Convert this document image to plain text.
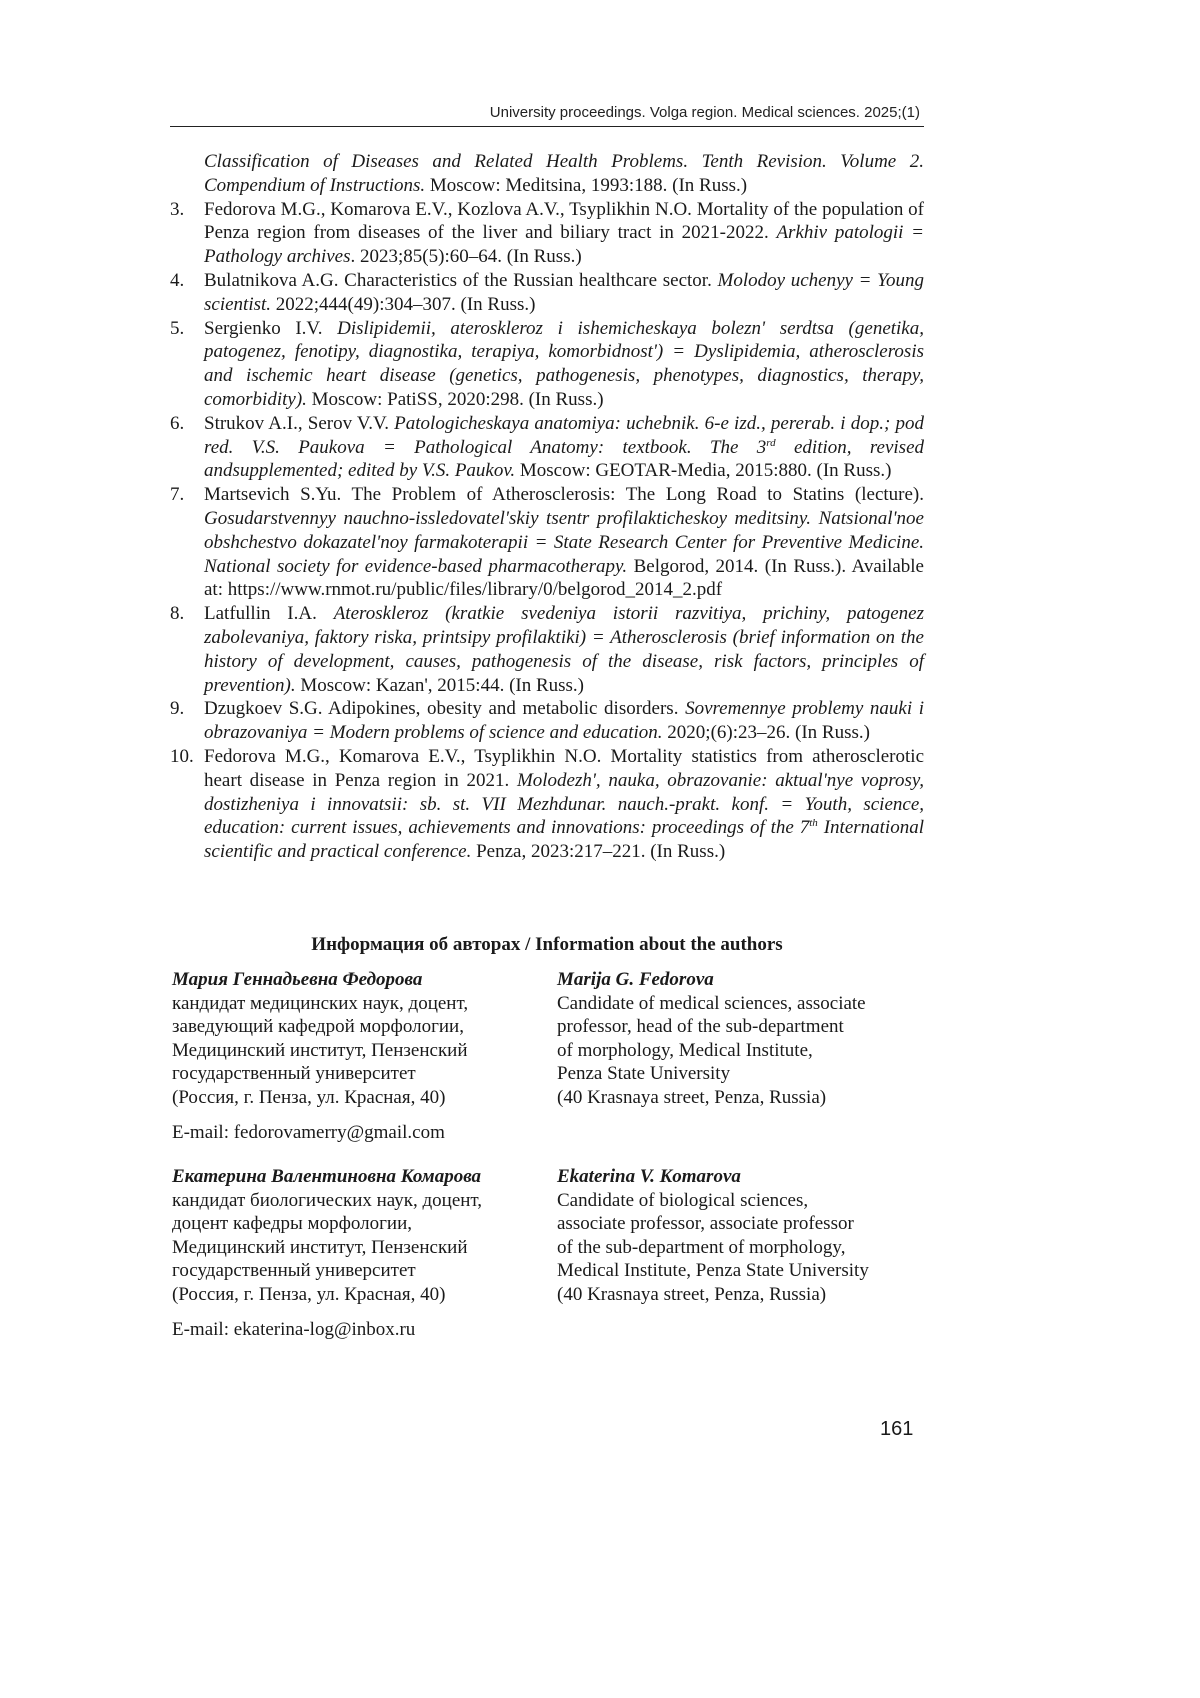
University proceedings. Volga region. Medical sciences. 2025;(1)
Classification of Diseases and Related Health Problems. Tenth Revision. Volume 2. Compendium of Instructions. Moscow: Meditsina, 1993:188. (In Russ.)
3.	Fedorova M.G., Komarova E.V., Kozlova A.V., Tsyplikhin N.O. Mortality of the population of Penza region from diseases of the liver and biliary tract in 2021-2022. Arkhiv patologii = Pathology archives. 2023;85(5):60–64. (In Russ.)
4.	Bulatnikova A.G. Characteristics of the Russian healthcare sector. Molodoy uchenyy = Young scientist. 2022;444(49):304–307. (In Russ.)
5.	Sergienko I.V. Dislipidemii, ateroskleroz i ishemicheskaya bolezn' serdtsa (genetika, patogenez, fenotipy, diagnostika, terapiya, komorbidnost') = Dyslipidemia, atherosclerosis and ischemic heart disease (genetics, pathogenesis, phenotypes, diagnostics, therapy, comorbidity). Moscow: PatiSS, 2020:298. (In Russ.)
6.	Strukov A.I., Serov V.V. Patologicheskaya anatomiya: uchebnik. 6-e izd., pererab. i dop.; pod red. V.S. Paukova = Pathological Anatomy: textbook. The 3rd edition, revised andsupplemented; edited by V.S. Paukov. Moscow: GEOTAR-Media, 2015:880. (In Russ.)
7.	Martsevich S.Yu. The Problem of Atherosclerosis: The Long Road to Statins (lecture). Gosudarstvennyy nauchno-issledovatel'skiy tsentr profilakticheskoy meditsiny. Natsional'noe obshchestvo dokazatel'noy farmakoterapii = State Research Center for Preventive Medicine. National society for evidence-based pharmacotherapy. Belgorod, 2014. (In Russ.). Available at: https://www.rnmot.ru/public/files/library/0/belgorod_2014_2.pdf
8.	Latfullin I.A. Ateroskleroz (kratkie svedeniya istorii razvitiya, prichiny, patogenez zabolevaniya, faktory riska, printsipy profilaktiki) = Atherosclerosis (brief information on the history of development, causes, pathogenesis of the disease, risk factors, principles of prevention). Moscow: Kazan', 2015:44. (In Russ.)
9.	Dzugkoev S.G. Adipokines, obesity and metabolic disorders. Sovremennye problemy nauki i obrazovaniya = Modern problems of science and education. 2020;(6):23–26. (In Russ.)
10. Fedorova M.G., Komarova E.V., Tsyplikhin N.O. Mortality statistics from atherosclerotic heart disease in Penza region in 2021. Molodezh', nauka, obrazovanie: aktual'nye voprosy, dostizheniya i innovatsii: sb. st. VII Mezhdunar. nauch.-prakt. konf. = Youth, science, education: current issues, achievements and innovations: proceedings of the 7th International scientific and practical conference. Penza, 2023:217–221. (In Russ.)
Информация об авторах / Information about the authors
Мария Геннадьевна Федорова
кандидат медицинских наук, доцент,
заведующий кафедрой морфологии,
Медицинский институт, Пензенский
государственный университет
(Россия, г. Пенза, ул. Красная, 40)
Marija G. Fedorova
Candidate of medical sciences, associate
professor, head of the sub-department
of morphology, Medical Institute,
Penza State University
(40 Krasnaya street, Penza, Russia)
E-mail: fedorovamerry@gmail.com
Екатерина Валентиновна Комарова
кандидат биологических наук, доцент,
доцент кафедры морфологии,
Медицинский институт, Пензенский
государственный университет
(Россия, г. Пенза, ул. Красная, 40)
Ekaterina V. Komarova
Candidate of biological sciences,
associate professor, associate professor
of the sub-department of morphology,
Medical Institute, Penza State University
(40 Krasnaya street, Penza, Russia)
E-mail: ekaterina-log@inbox.ru
161
